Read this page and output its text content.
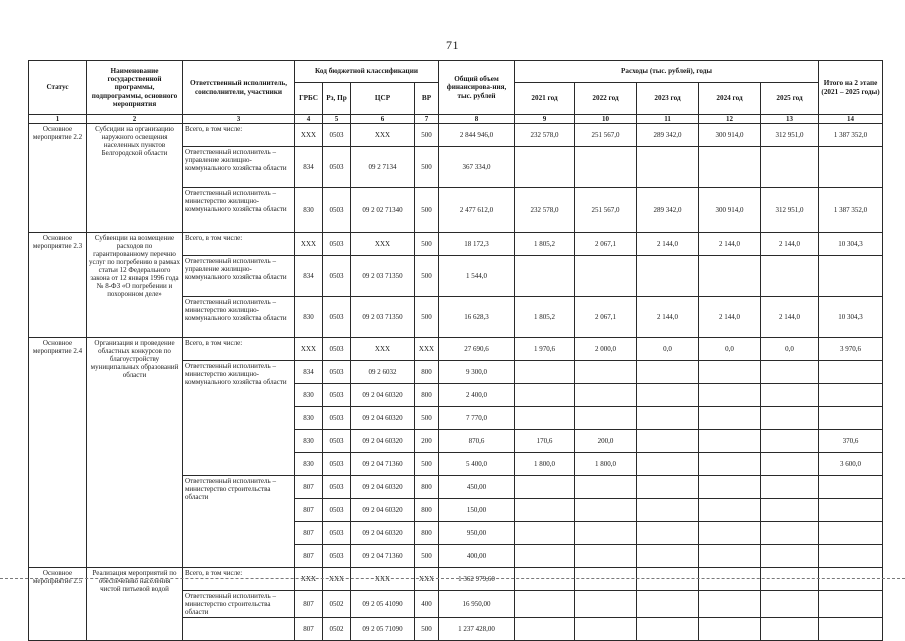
71
Статус	Наименование государственной программы, подпрограммы, основного мероприятия	Ответственный исполнитель, соисполнители, участники	Код бюджетной классификации				Общий объем финансирова-ния, тыс. рублей	Расходы (тыс. рублей), годы					Итого на 2 этапе (2021 – 2025 годы)
			ГРБС	Рз, Пр	ЦСР	ВР		2021 год	2022 год	2023 год	2024 год	2025 год	
1	2	3	4	5	6	7	8	9	10	11	12	13	14
Основное мероприятие 2.2	Субсидии на организацию наружного освещения населенных пунктов Белгородской области	Всего, в том числе:	ХХХ	0503	ХХХ	500	2 844 946,0	232 578,0	251 567,0	289 342,0	300 914,0	312 951,0	1 387 352,0
		Ответственный исполнитель – управление жилищно-коммунального хозяйства области	834	0503	09 2 7134	500	367 334,0						
		Ответственный исполнитель – министерство жилищно-коммунального хозяйства области	830	0503	09 2 02 71340	500	2 477 612,0	232 578,0	251 567,0	289 342,0	300 914,0	312 951,0	1 387 352,0
Основное мероприятие 2.3	Субвенции на возмещение расходов по гарантированному перечню услуг по погребению в рамках статьи 12 Федерального закона от 12 января 1996 года № 8-ФЗ «О погребении и похоронном деле»	Всего, в том числе:	ХХХ	0503	ХХХ	500	18 172,3	1 805,2	2 067,1	2 144,0	2 144,0	2 144,0	10 304,3
		Ответственный исполнитель – управление жилищно-коммунального хозяйства области	834	0503	09 2 03 71350	500	1 544,0						
		Ответственный исполнитель – министерство жилищно-коммунального хозяйства области	830	0503	09 2 03 71350	500	16 628,3	1 805,2	2 067,1	2 144,0	2 144,0	2 144,0	10 304,3
Основное мероприятие 2.4	Организация и проведение областных конкурсов по благоустройству муниципальных образований области	Всего, в том числе:	ХХХ	0503	ХХХ	ХХХ	27 690,6	1 970,6	2 000,0	0,0	0,0	0,0	3 970,6
		Ответственный исполнитель – министерство жилищно-коммунального хозяйства области	834	0503	09 2 6032	800	9 300,0						
			830	0503	09 2 04 60320	800	2 400,0						
			830	0503	09 2 04 60320	500	7 770,0						
			830	0503	09 2 04 60320	200	870,6	170,6	200,0				370,6
			830	0503	09 2 04 71360	500	5 400,0	1 800,0	1 800,0				3 600,0
		Ответственный исполнитель – министерство строительства области	807	0503	09 2 04 60320	800	450,00						
			807	0503	09 2 04 60320	800	150,00						
			807	0503	09 2 04 60320	800	950,00						
			807	0503	09 2 04 71360	500	400,00						
Основное мероприятие 2.5	Реализация мероприятий по обеспечению населения чистой питьевой водой	Всего, в том числе:	ХХХ	ХХХ	ХХХ	ХХХ	1 362 979,60						
		Ответственный исполнитель – министерство строительства области	807	0502	09 2 05 41090	400	16 950,00						
			807	0502	09 2 05 71090	500	1 237 428,00						
